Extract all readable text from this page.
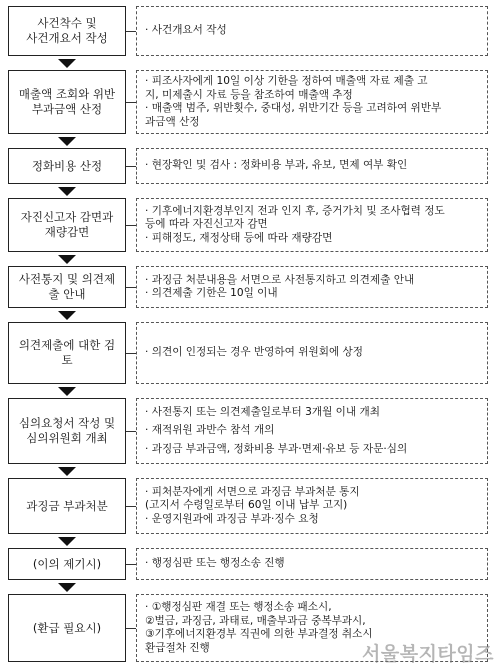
사건착수 및
사건개요서 작성
· 사건개요서 작성
매출액 조회와 위반
부과금액 산정
· 피조사자에게 10일 이상 기한을 정하여 매출액 자료 제출 고
지, 미제출시 자료 등을 참조하여 매출액 추정
· 매출액 범주, 위반횟수, 중대성, 위반기간 등을 고려하여 위반부
과금액 산정
정화비용 산정	· 현장확인 및 검사 : 정화비용 부과, 유보, 면제 여부 확인
자진신고자 감면과
재량감면
· 기후에너지환경부인지 전과 인지 후, 증거가치 및 조사협력 정도
등에 따라 자진신고자 감면
· 피해정도, 재정상태 등에 따라 재량감면
사전통지 및 의견제
출 안내
· 과징금 처분내용을 서면으로 사전통지하고 의견제출 안내
· 의견제출 기한은 10일 이내
의견제출에 대한 검
토
· 의견이 인정되는 경우 반영하여 위원회에 상정
심의요청서 작성 및
심의위원회 개최
· 사전통지 또는 의견제출일로부터 3개월 이내 개최
· 재적위원 과반수 참석 개의
· 과징금 부과금액, 정화비용 부과·면제·유보 등 자문·심의
과징금 부과처분
· 피처분자에게 서면으로 과징금 부과처분 통지
(고지서 수령일로부터 60일 이내 납부 고지)
· 운영지원과에 과징금 부과·징수 요청
(이의 제기시)	· 행정심판 또는 행정소송 진행
(환급 필요시)
· ①행정심판 재결 또는 행정소송 패소시,
②벌금, 과징금, 과태료, 매출부과금 중복부과시,
③기후에너지환경부 직권에 의한 부과결정 취소시
환급절차 진행	서울복지타임즈
